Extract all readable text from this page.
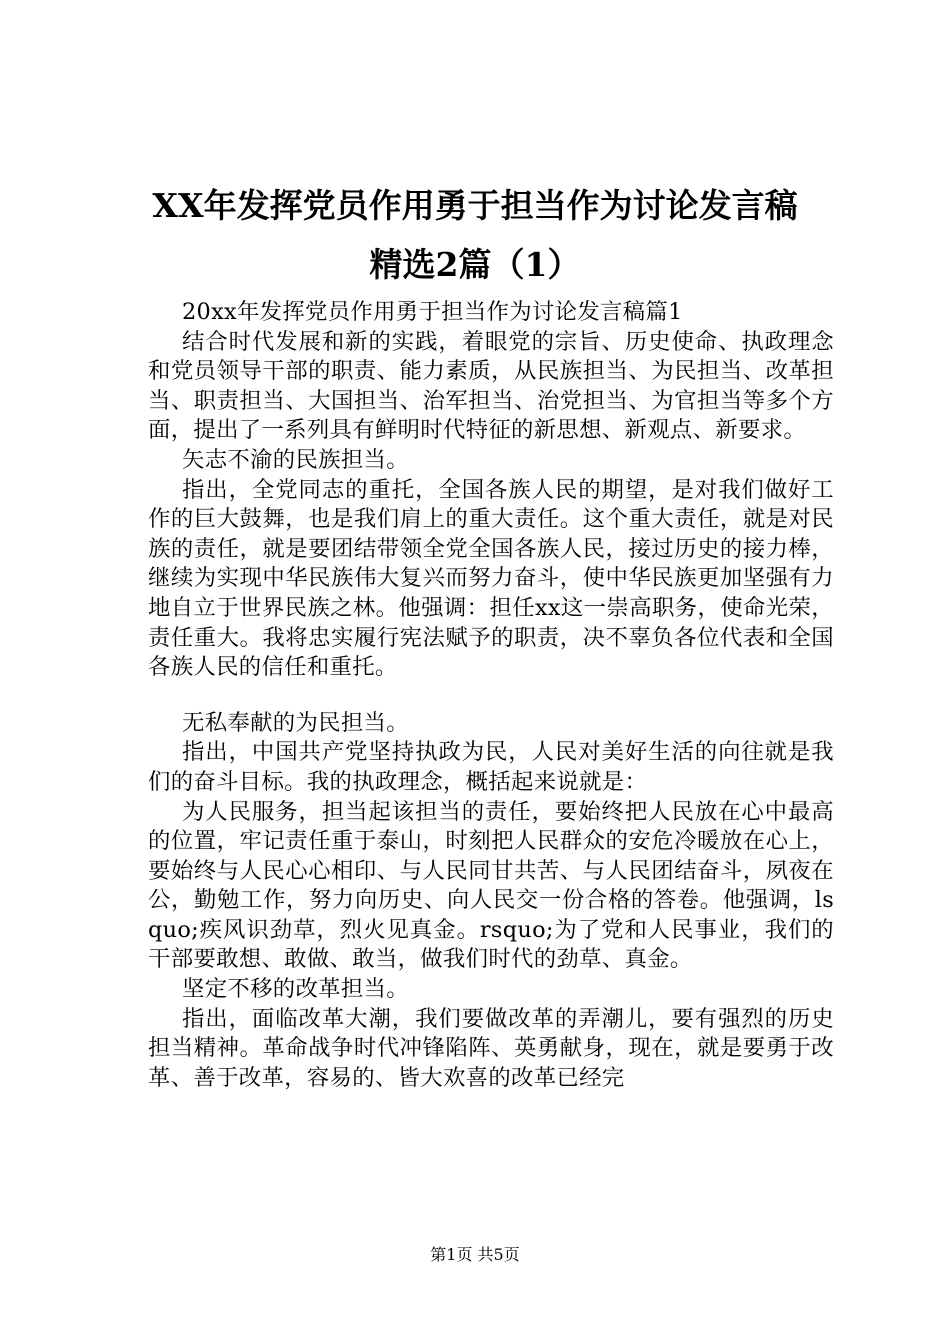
XX年发挥党员作用勇于担当作为讨论发言稿
精选2篇（1）

20xx年发挥党员作用勇于担当作为讨论发言稿篇1

结合时代发展和新的实践，着眼党的宗旨、历史使命、执政理念和党员领导干部的职责、能力素质，从民族担当、为民担当、改革担当、职责担当、大国担当、治军担当、治党担当、为官担当等多个方面，提出了一系列具有鲜明时代特征的新思想、新观点、新要求。

矢志不渝的民族担当。

指出，全党同志的重托，全国各族人民的期望，是对我们做好工作的巨大鼓舞，也是我们肩上的重大责任。这个重大责任，就是对民族的责任，就是要团结带领全党全国各族人民，接过历史的接力棒，继续为实现中华民族伟大复兴而努力奋斗，使中华民族更加坚强有力地自立于世界民族之林。他强调：担任xx这一崇高职务，使命光荣，责任重大。我将忠实履行宪法赋予的职责，决不辜负各位代表和全国各族人民的信任和重托。

无私奉献的为民担当。

指出，中国共产党坚持执政为民，人民对美好生活的向往就是我们的奋斗目标。我的执政理念，概括起来说就是：

为人民服务，担当起该担当的责任，要始终把人民放在心中最高的位置，牢记责任重于泰山，时刻把人民群众的安危冷暖放在心上，要始终与人民心心相印、与人民同甘共苦、与人民团结奋斗，夙夜在公，勤勉工作，努力向历史、向人民交一份合格的答卷。他强调，lsquo;疾风识劲草，烈火见真金。rsquo;为了党和人民事业，我们的干部要敢想、敢做、敢当，做我们时代的劲草、真金。

坚定不移的改革担当。

指出，面临改革大潮，我们要做改革的弄潮儿，要有强烈的历史担当精神。革命战争时代冲锋陷阵、英勇献身，现在，就是要勇于改革、善于改革，容易的、皆大欢喜的改革已经完

第1页 共5页
